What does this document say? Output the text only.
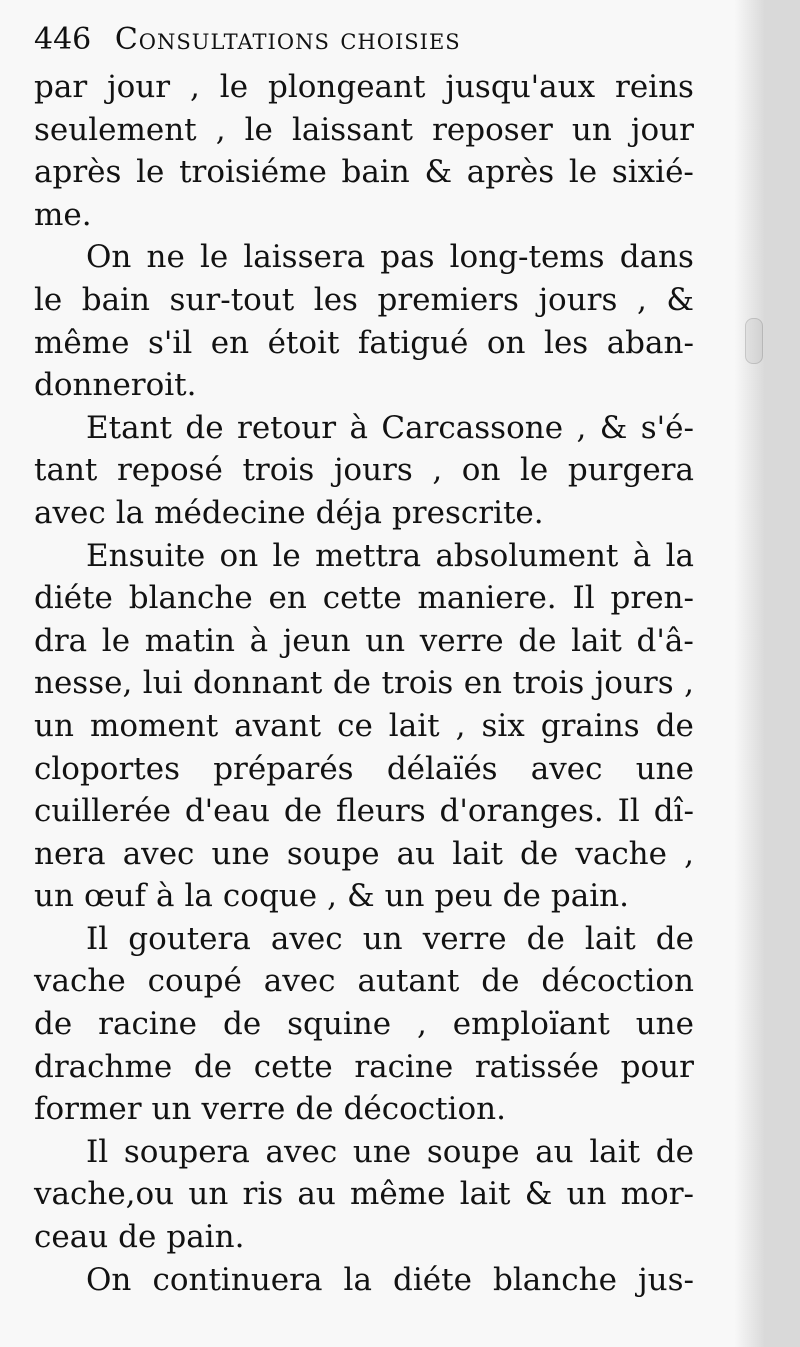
446 Consultations choisies
par jour , le plongeant jusqu'aux reins
seulement , le laissant reposer un jour
après le troisiéme bain & après le sixié-
me.
On ne le laissera pas long-tems dans
le bain sur-tout les premiers jours , &
même s'il en étoit fatigué on les aban-
donneroit.
Etant de retour à Carcassone , & s'é-
tant reposé trois jours , on le purgera
avec la médecine déja prescrite.
Ensuite on le mettra absolument à la
diéte blanche en cette maniere. Il pren-
dra le matin à jeun un verre de lait d'â-
nesse, lui donnant de trois en trois jours ,
un moment avant ce lait , six grains de
cloportes préparés délaïés avec une
cuillerée d'eau de fleurs d'oranges. Il dî-
nera avec une soupe au lait de vache ,
un œuf à la coque , & un peu de pain.
Il goutera avec un verre de lait de
vache coupé avec autant de décoction
de racine de squine , emploïant une
drachme de cette racine ratissée pour
former un verre de décoction.
Il soupera avec une soupe au lait de
vache,ou un ris au même lait & un mor-
ceau de pain.
On continuera la diéte blanche jus-
